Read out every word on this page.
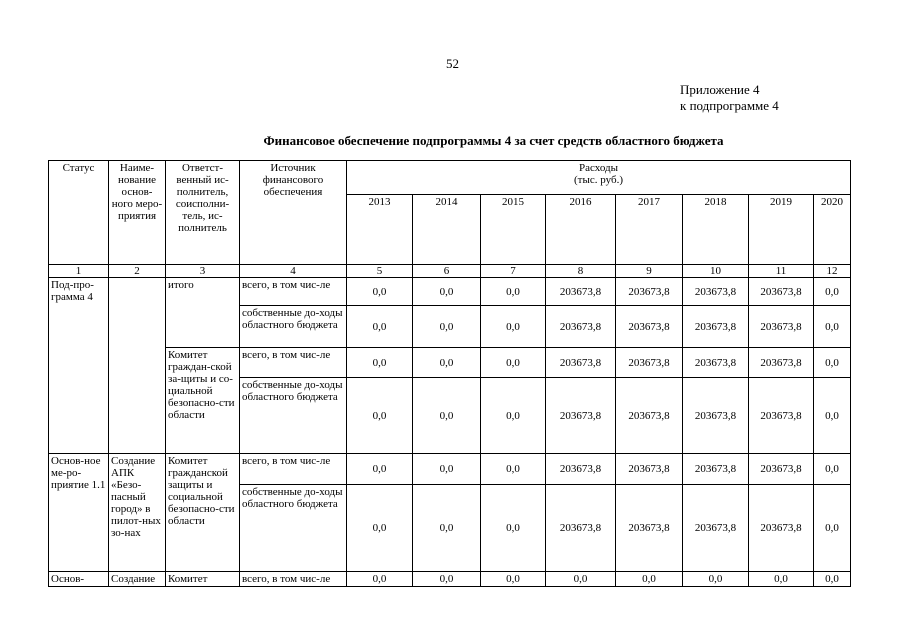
52
Приложение 4
к подпрограмме 4
Финансовое обеспечение подпрограммы 4 за счет средств областного бюджета
Статус	Наиме-нование основ-ного меро-приятия	Ответст-венный ис-полнитель, соисполни-тель, ис-полнитель	Источник финансового обеспечения	Расходы
(тыс. руб.)							

				2013	2014	2015	2016	2017	2018	2019	2020
1	2	3	4	5	6	7	8	9	10	11	12
Под-про-грамма 4		итого	всего, в том чис-ле	0,0	0,0	0,0	203673,8	203673,8	203673,8	203673,8	0,0
			собственные до-ходы областного бюджета	0,0	0,0	0,0	203673,8	203673,8	203673,8	203673,8	0,0
		Комитет граждан-ской за-щиты и со-циальной безопасно-сти области	всего, в том чис-ле	0,0	0,0	0,0	203673,8	203673,8	203673,8	203673,8	0,0
			собственные до-ходы областного бюджета	0,0	0,0	0,0	203673,8	203673,8	203673,8	203673,8	0,0
Основ-ное ме-ро-приятие 1.1	Создание АПК «Безо-пасный город» в пилот-ных зо-нах	Комитет гражданской защиты и социальной безопасно-сти области	всего, в том чис-ле	0,0	0,0	0,0	203673,8	203673,8	203673,8	203673,8	0,0
			собственные до-ходы областного бюджета	0,0	0,0	0,0	203673,8	203673,8	203673,8	203673,8	0,0
Основ-	Создание	Комитет	всего, в том чис-ле	0,0	0,0	0,0	0,0	0,0	0,0	0,0	0,0
